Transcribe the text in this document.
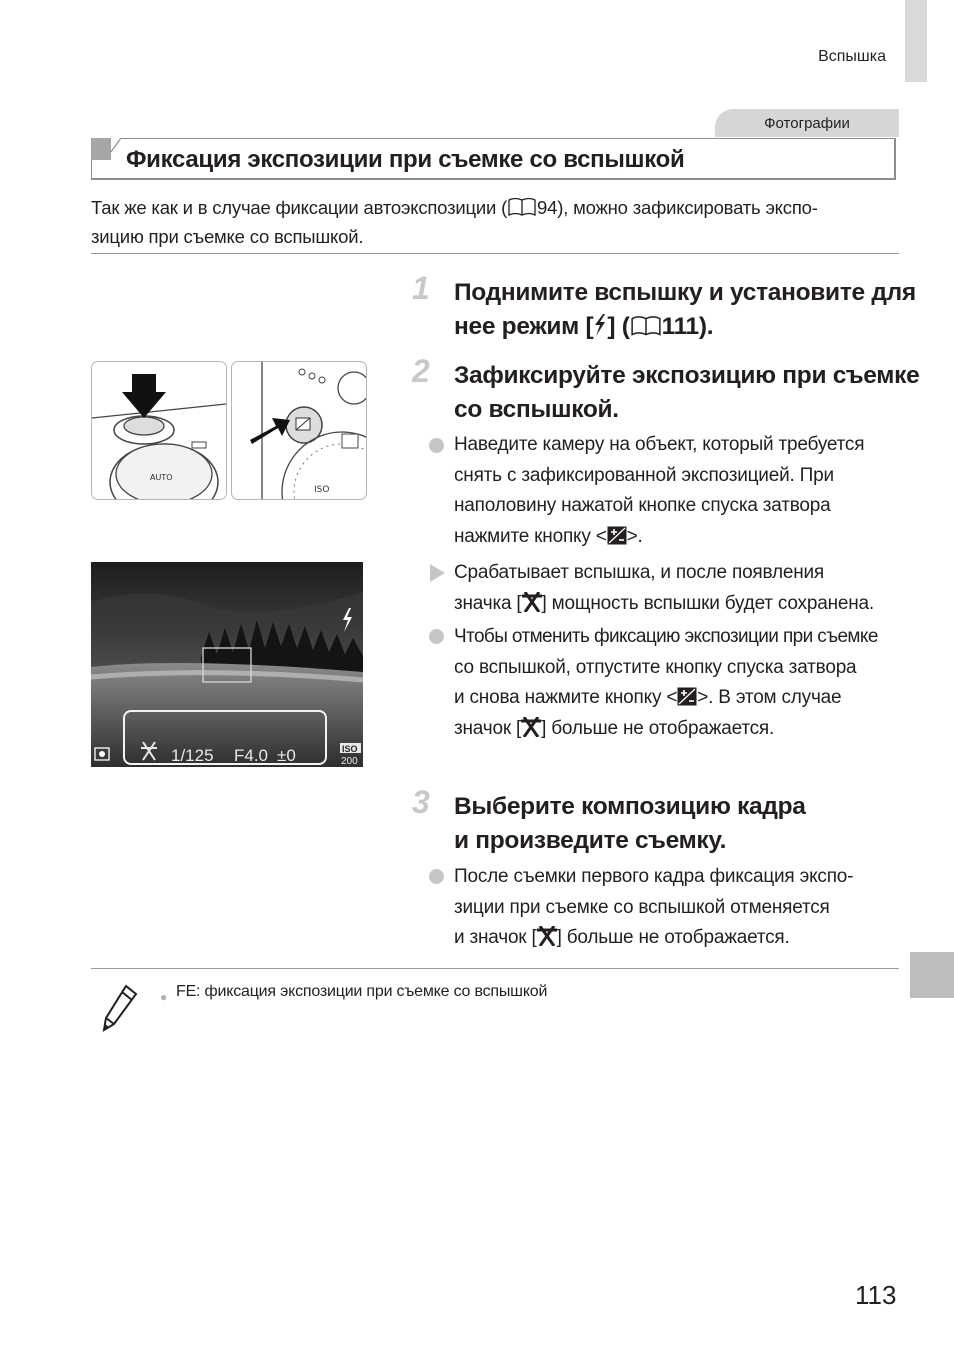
Вспышка
Фотографии
Фиксация экспозиции при съемке со вспышкой
Так же как и в случае фиксации автоэкспозиции ( 94), можно зафиксировать экспо-
зицию при съемке со вспышкой.
AUTO
ISO
1/125 F4.0 ±0	ISO
200
1 Поднимите вспышку и установите для
нее режим [ ] ( 111).
2 Зафиксируйте экспозицию при съемке
со вспышкой.
Наведите камеру на объект, который требуется
снять с зафиксированной экспозицией. При
наполовину нажатой кнопке спуска затвора
нажмите кнопку < >.
Срабатывает вспышка, и после появления
значка [ ] мощность вспышки будет сохранена.
Чтобы отменить фиксацию экспозиции при съемке
со вспышкой, отпустите кнопку спуска затвора
и снова нажмите кнопку < >. В этом случае
значок [ ] больше не отображается.
3 Выберите композицию кадра
и произведите съемку.
После съемки первого кадра фиксация экспо-
зиции при съемке со вспышкой отменяется
и значок [ ] больше не отображается.
● FE: фиксация экспозиции при съемке со вспышкой
113
